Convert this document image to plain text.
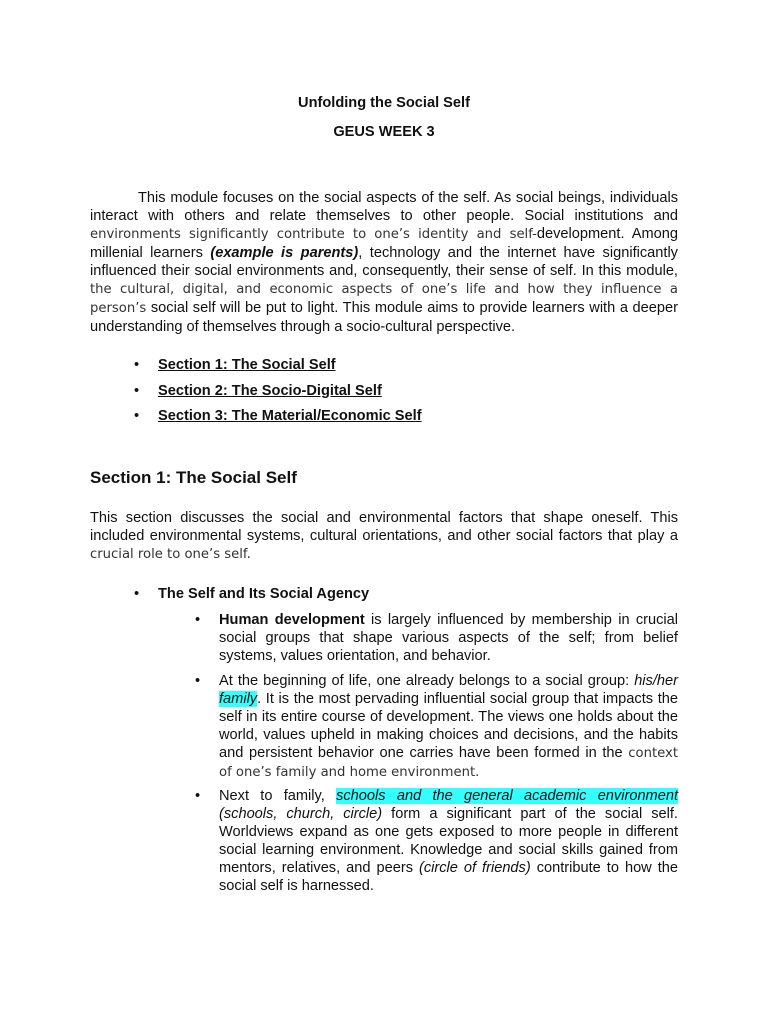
Unfolding the Social Self
GEUS WEEK 3
This module focuses on the social aspects of the self. As social beings, individuals interact with others and relate themselves to other people. Social institutions and environments significantly contribute to one’s identity and self-development. Among millenial learners (example is parents), technology and the internet have significantly influenced their social environments and, consequently, their sense of self. In this module, the cultural, digital, and economic aspects of one’s life and how they influence a person’s social self will be put to light. This module aims to provide learners with a deeper understanding of themselves through a socio-cultural perspective.
• Section 1: The Social Self
• Section 2: The Socio-Digital Self
• Section 3: The Material/Economic Self
Section 1: The Social Self
This section discusses the social and environmental factors that shape oneself. This included environmental systems, cultural orientations, and other social factors that play a crucial role to one’s self.
• The Self and Its Social Agency
• Human development is largely influenced by membership in crucial social groups that shape various aspects of the self; from belief systems, values orientation, and behavior.
• At the beginning of life, one already belongs to a social group: his/her family. It is the most pervading influential social group that impacts the self in its entire course of development. The views one holds about the world, values upheld in making choices and decisions, and the habits and persistent behavior one carries have been formed in the context of one’s family and home environment.
• Next to family, schools and the general academic environment (schools, church, circle) form a significant part of the social self. Worldviews expand as one gets exposed to more people in different social learning environment. Knowledge and social skills gained from mentors, relatives, and peers (circle of friends) contribute to how the social self is harnessed.
